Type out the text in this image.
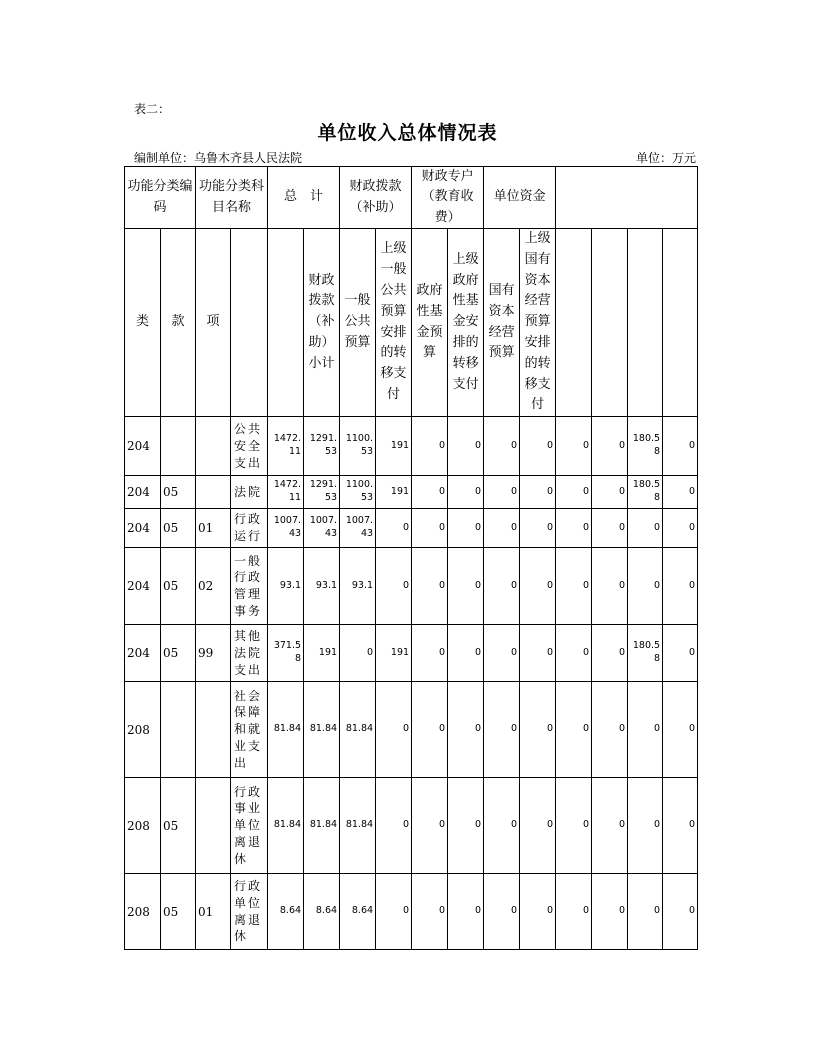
表二：
单位收入总体情况表
编制单位：乌鲁木齐县人民法院	单位：万元
功能分类编码		功能分类科目名称		总　计		财政拨款（补助）		财政专户（教育收费）		单位资金					
类	款	项			财政拨款（补助）小计	一般公共预算	上级一般公共预算安排的转移支付	政府性基金预算	上级政府性基金安排的转移支付	国有资本经营预算	上级国有资本经营预算安排的转移支付				
204			公共安全支出	1472.11	1291.53	1100.53	191	0	0	0	0	0	0	180.58	0
204	05		法院	1472.11	1291.53	1100.53	191	0	0	0	0	0	0	180.58	0
204	05	01	行政运行	1007.43	1007.43	1007.43	0	0	0	0	0	0	0	0	0
204	05	02	一般行政管理事务	93.1	93.1	93.1	0	0	0	0	0	0	0	0	0
204	05	99	其他法院支出	371.58	191	0	191	0	0	0	0	0	0	180.58	0
208			社会保障和就业支出	81.84	81.84	81.84	0	0	0	0	0	0	0	0	0
208	05		行政事业单位离退休	81.84	81.84	81.84	0	0	0	0	0	0	0	0	0
208	05	01	行政单位离退休	8.64	8.64	8.64	0	0	0	0	0	0	0	0	0
